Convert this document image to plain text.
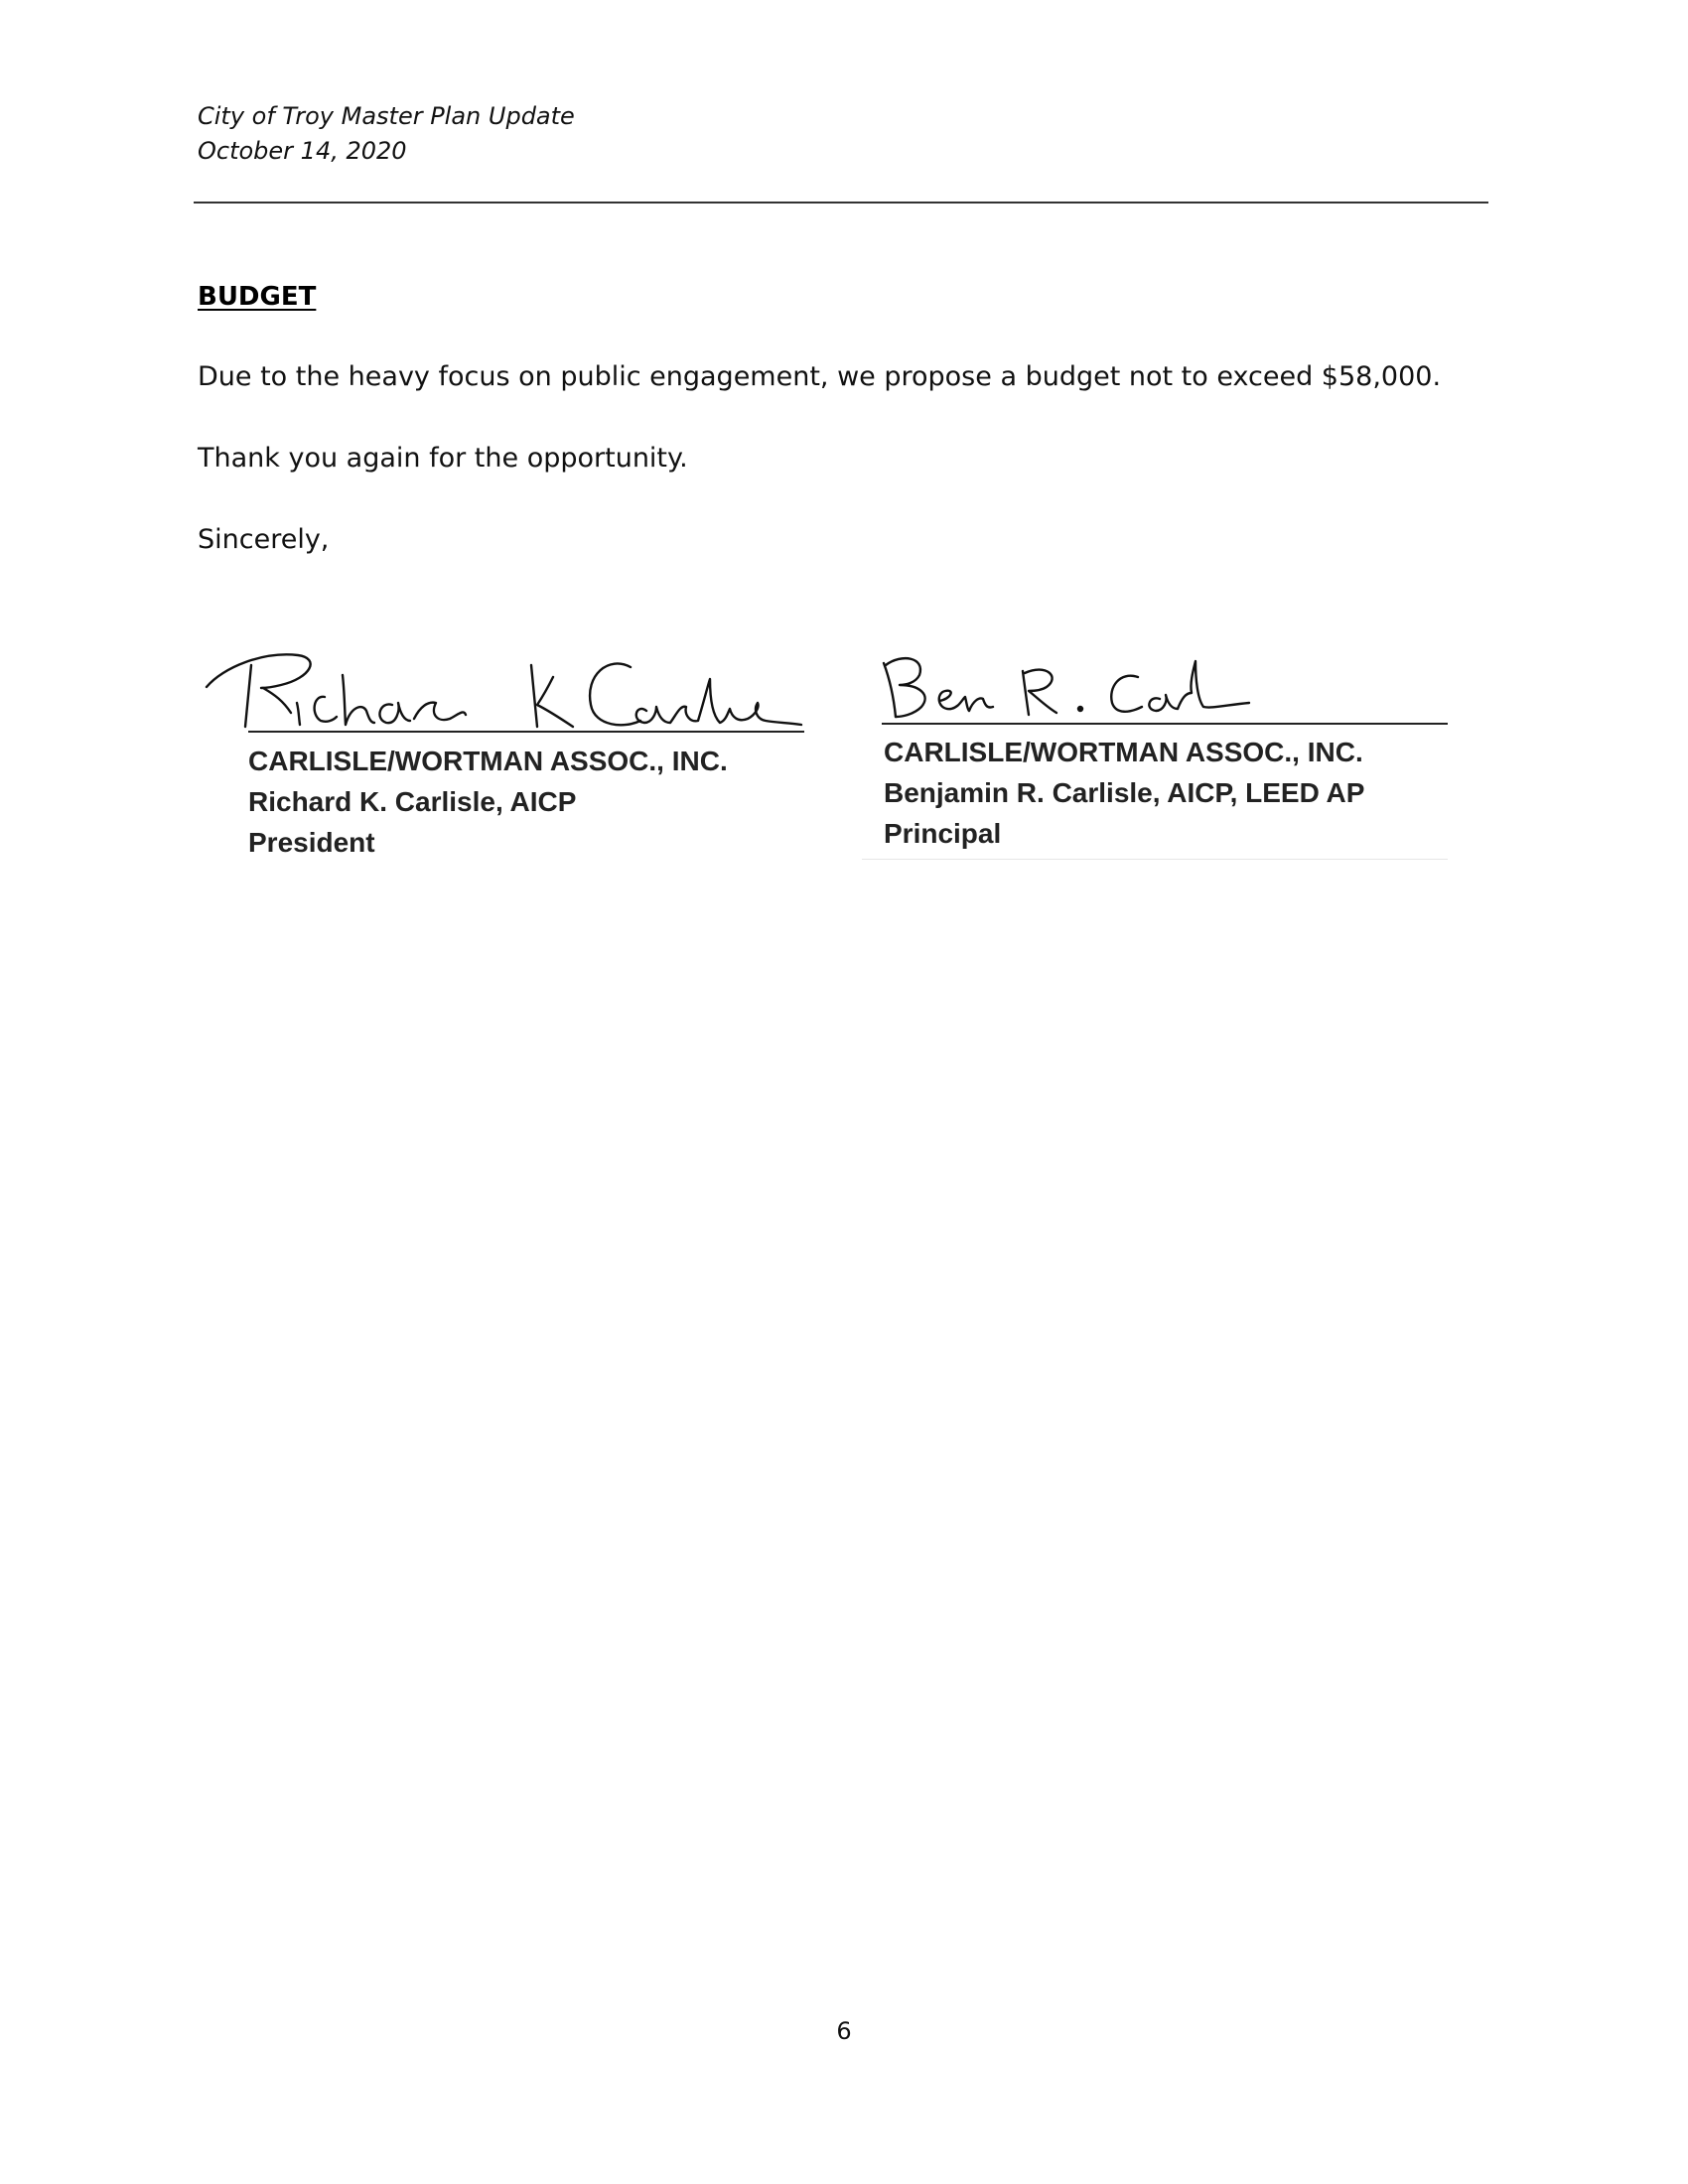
City of Troy Master Plan Update
October 14, 2020
BUDGET
Due to the heavy focus on public engagement, we propose a budget not to exceed $58,000.
Thank you again for the opportunity.
Sincerely,
CARLISLE/WORTMAN ASSOC., INC.
Richard K. Carlisle, AICP
President
CARLISLE/WORTMAN ASSOC., INC.
Benjamin R. Carlisle, AICP, LEED AP
Principal
6
